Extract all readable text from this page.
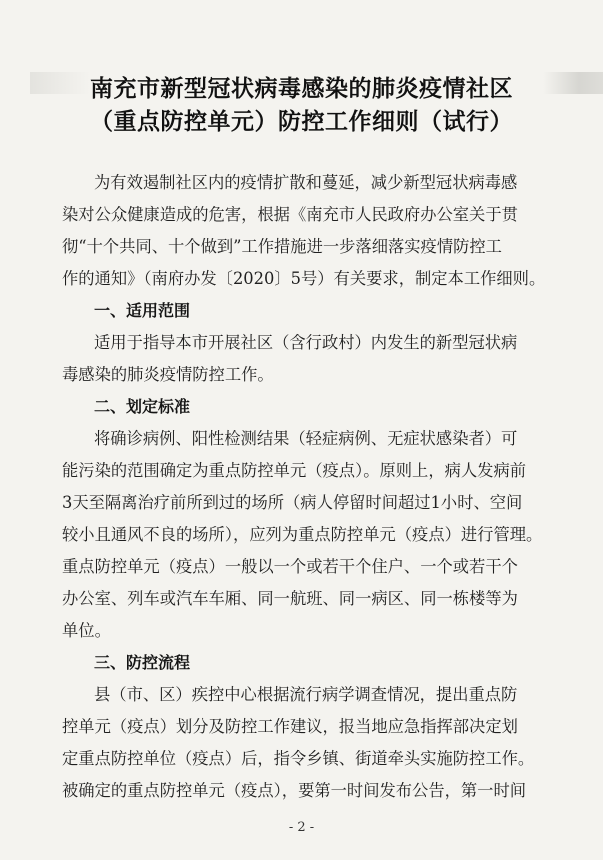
南充市新型冠状病毒感染的肺炎疫情社区
（重点防控单元）防控工作细则（试行）
为有效遏制社区内的疫情扩散和蔓延，减少新型冠状病毒感
染对公众健康造成的危害，根据《南充市人民政府办公室关于贯
彻“十个共同、十个做到”工作措施进一步落细落实疫情防控工
作的通知》（南府办发〔2020〕5号）有关要求，制定本工作细则。
一、适用范围
适用于指导本市开展社区（含行政村）内发生的新型冠状病
毒感染的肺炎疫情防控工作。
二、划定标准
将确诊病例、阳性检测结果（轻症病例、无症状感染者）可
能污染的范围确定为重点防控单元（疫点）。原则上，病人发病前
3天至隔离治疗前所到过的场所（病人停留时间超过1小时、空间
较小且通风不良的场所），应列为重点防控单元（疫点）进行管理。
重点防控单元（疫点）一般以一个或若干个住户、一个或若干个
办公室、列车或汽车车厢、同一航班、同一病区、同一栋楼等为
单位。
三、防控流程
县（市、区）疾控中心根据流行病学调查情况，提出重点防
控单元（疫点）划分及防控工作建议，报当地应急指挥部决定划
定重点防控单位（疫点）后，指令乡镇、街道牵头实施防控工作。
被确定的重点防控单元（疫点），要第一时间发布公告，第一时间
- 2 -
